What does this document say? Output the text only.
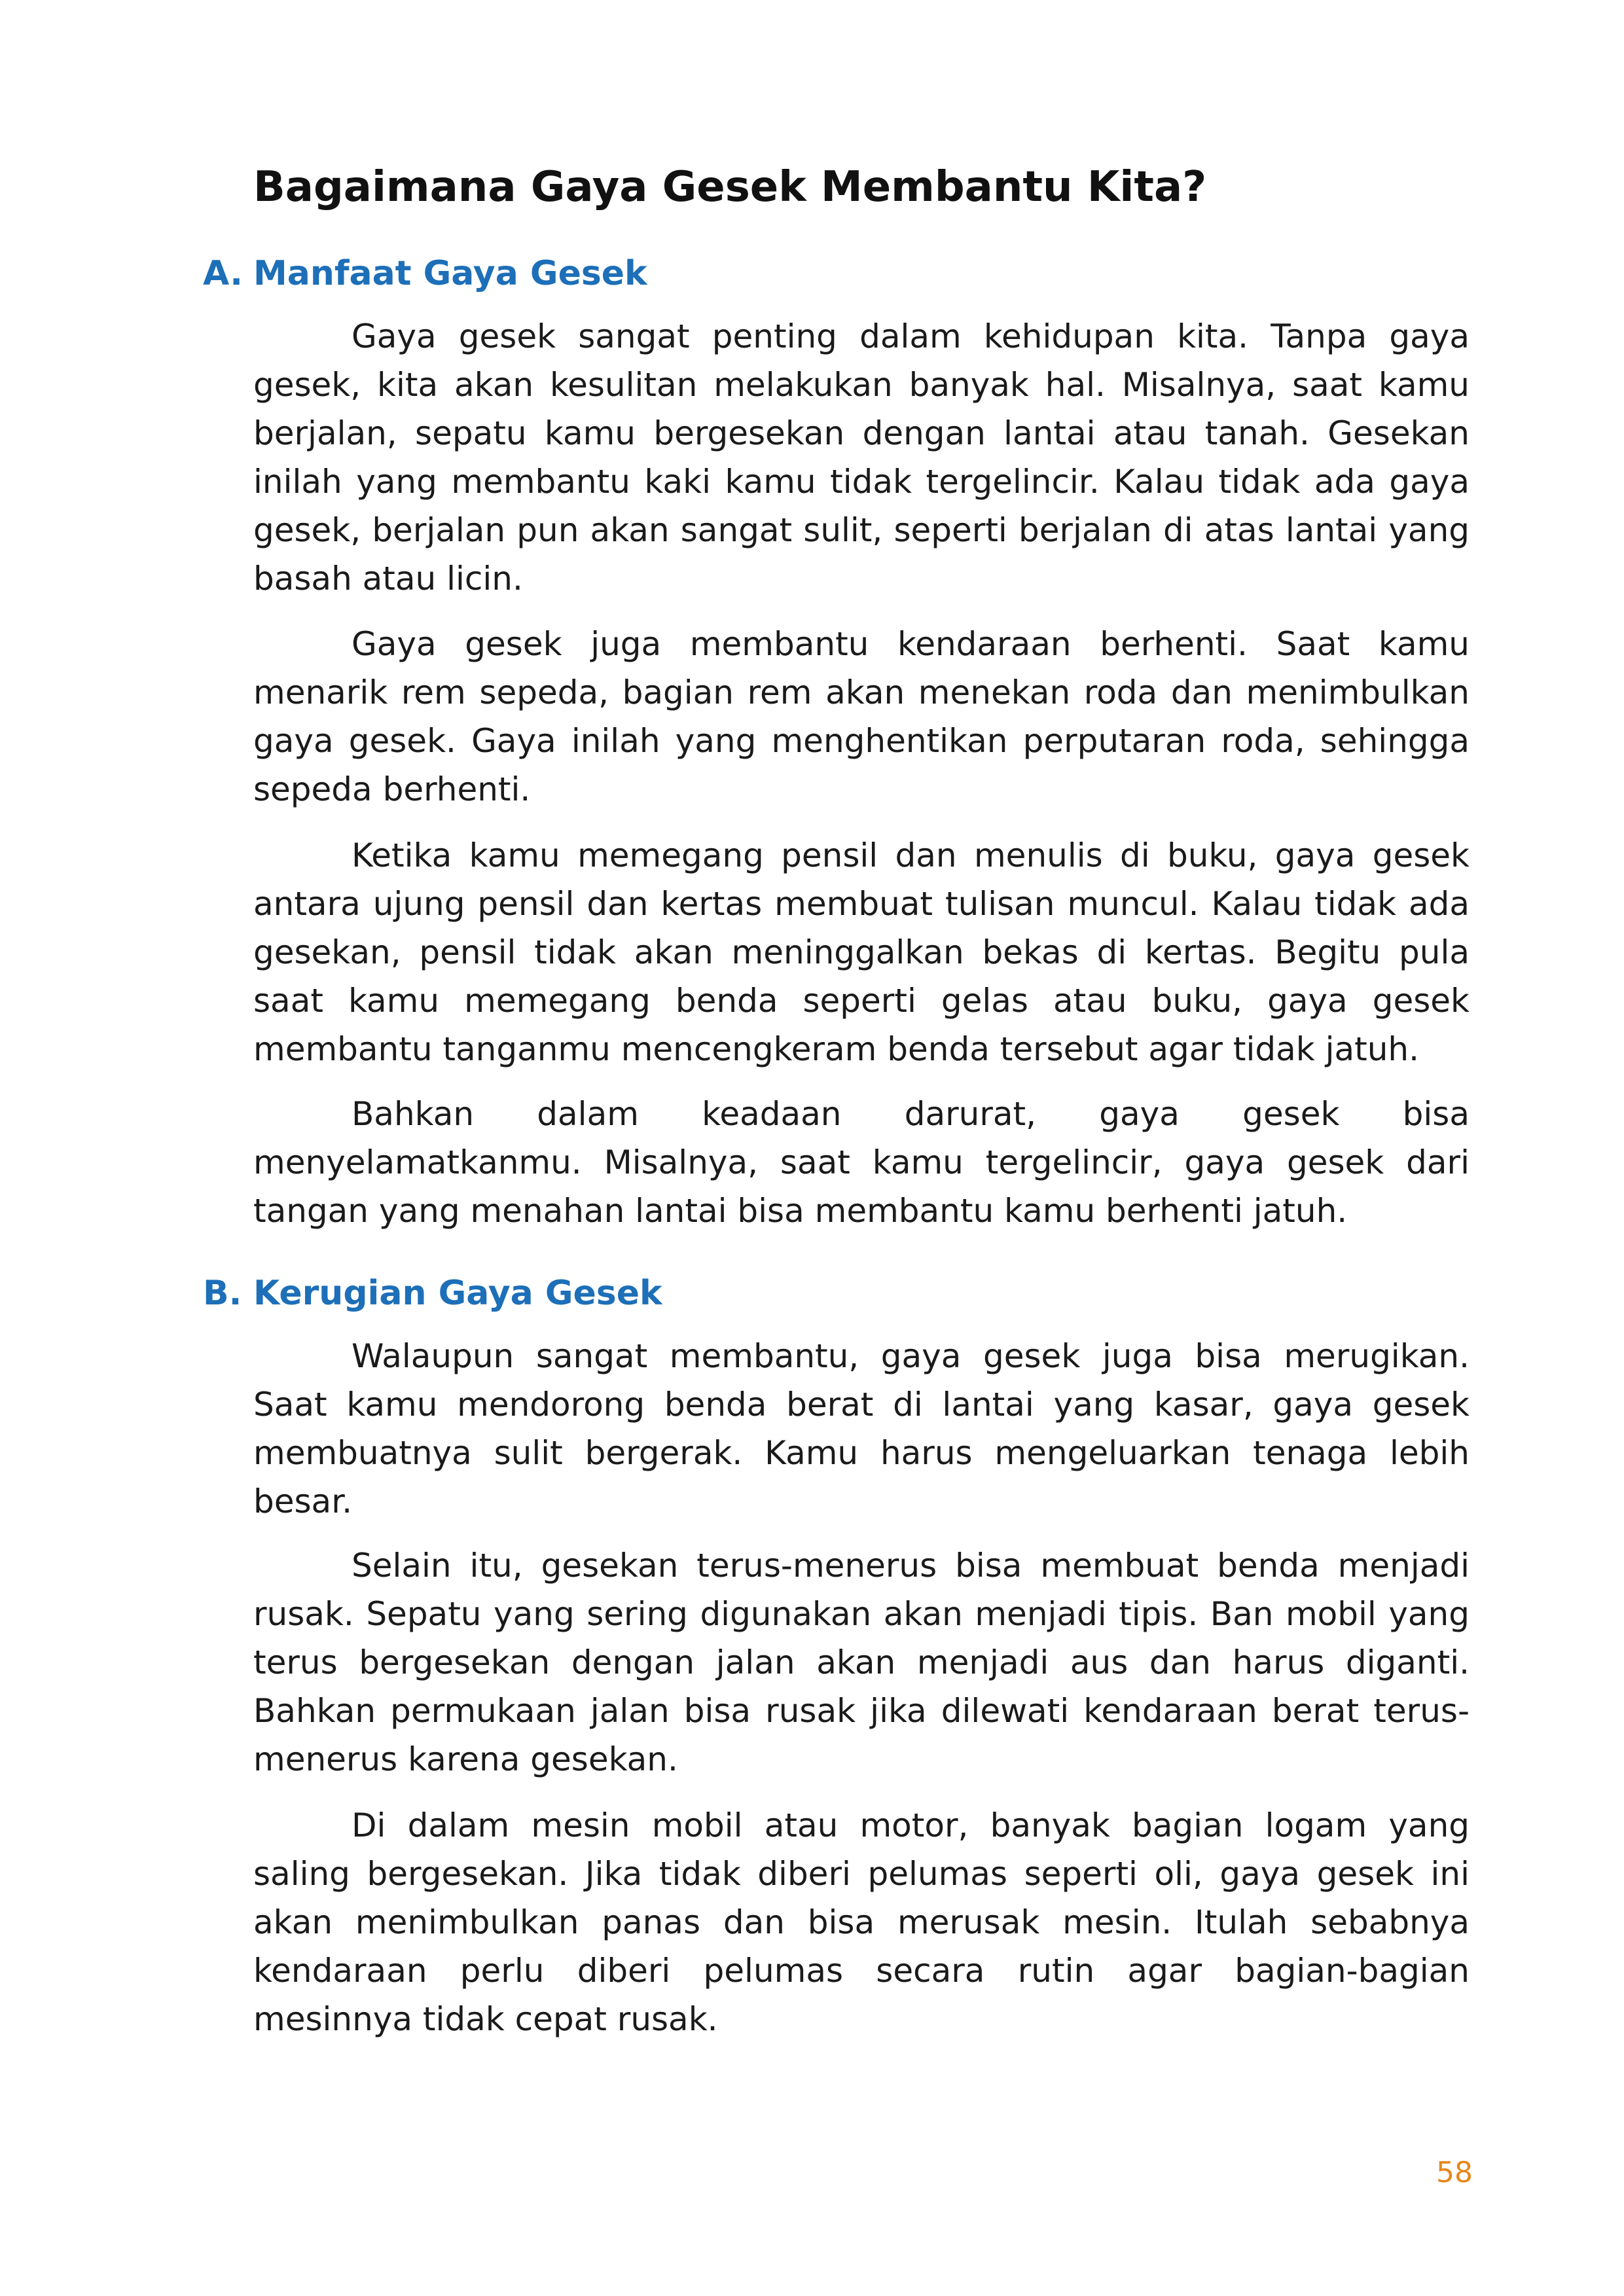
Bagaimana Gaya Gesek Membantu Kita?
A. Manfaat Gaya Gesek

Gaya gesek sangat penting dalam kehidupan kita. Tanpa gaya gesek, kita akan kesulitan melakukan banyak hal. Misalnya, saat kamu berjalan, sepatu kamu bergesekan dengan lantai atau tanah. Gesekan inilah yang membantu kaki kamu tidak tergelincir. Kalau tidak ada gaya gesek, berjalan pun akan sangat sulit, seperti berjalan di atas lantai yang basah atau licin.

Gaya gesek juga membantu kendaraan berhenti. Saat kamu menarik rem sepeda, bagian rem akan menekan roda dan menimbulkan gaya gesek. Gaya inilah yang menghentikan perputaran roda, sehingga sepeda berhenti.

Ketika kamu memegang pensil dan menulis di buku, gaya gesek antara ujung pensil dan kertas membuat tulisan muncul. Kalau tidak ada gesekan, pensil tidak akan meninggalkan bekas di kertas. Begitu pula saat kamu memegang benda seperti gelas atau buku, gaya gesek membantu tanganmu mencengkeram benda tersebut agar tidak jatuh.

Bahkan dalam keadaan darurat, gaya gesek bisa menyelamatkanmu. Misalnya, saat kamu tergelincir, gaya gesek dari tangan yang menahan lantai bisa membantu kamu berhenti jatuh.

B. Kerugian Gaya Gesek

Walaupun sangat membantu, gaya gesek juga bisa merugikan. Saat kamu mendorong benda berat di lantai yang kasar, gaya gesek membuatnya sulit bergerak. Kamu harus mengeluarkan tenaga lebih besar.

Selain itu, gesekan terus-menerus bisa membuat benda menjadi rusak. Sepatu yang sering digunakan akan menjadi tipis. Ban mobil yang terus bergesekan dengan jalan akan menjadi aus dan harus diganti. Bahkan permukaan jalan bisa rusak jika dilewati kendaraan berat terus-menerus karena gesekan.

Di dalam mesin mobil atau motor, banyak bagian logam yang saling bergesekan. Jika tidak diberi pelumas seperti oli, gaya gesek ini akan menimbulkan panas dan bisa merusak mesin. Itulah sebabnya kendaraan perlu diberi pelumas secara rutin agar bagian-bagian mesinnya tidak cepat rusak.

58
